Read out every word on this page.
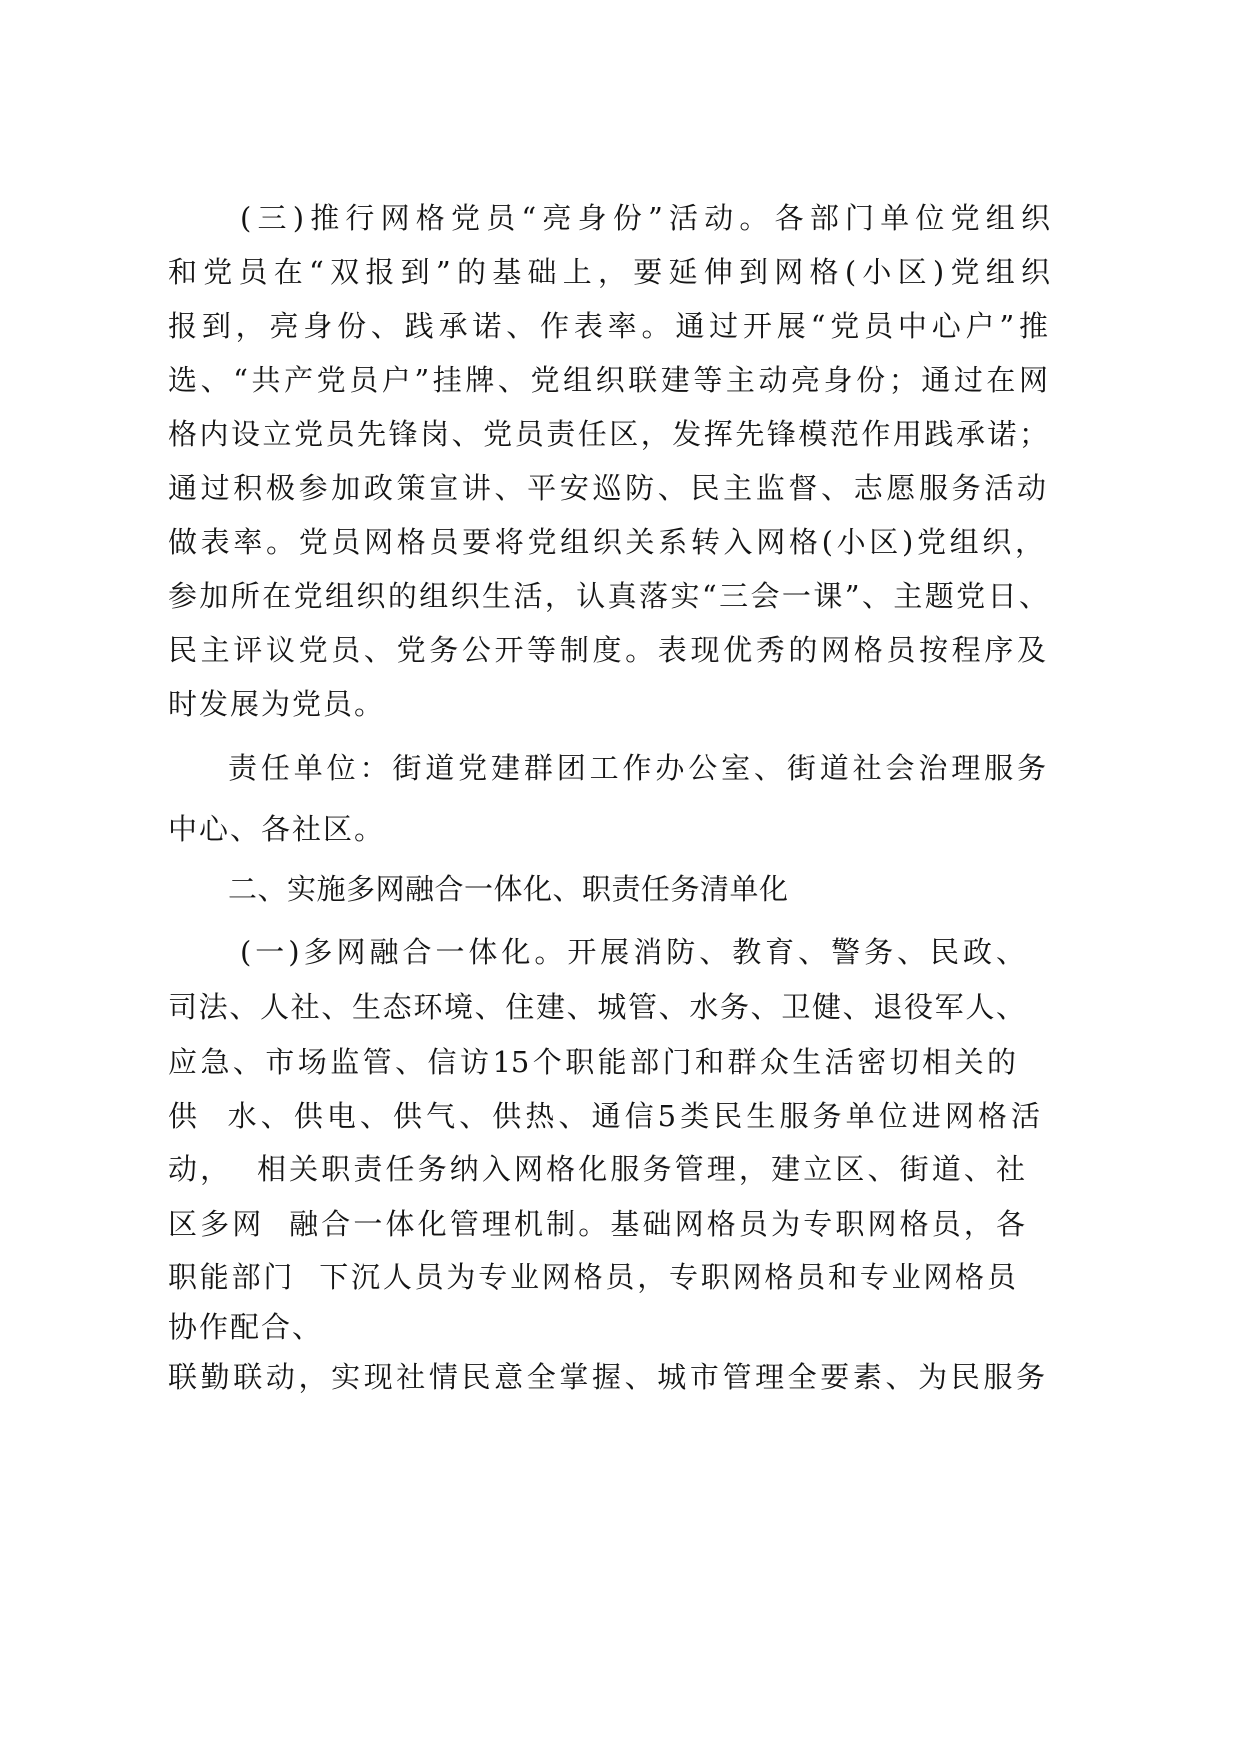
(三)推行网格党员“亮身份”活动。各部门单位党组织
和党员在“双报到”的基础上，要延伸到网格(小区)党组织
报到，亮身份、践承诺、作表率。通过开展“党员中心户”推
选、“共产党员户”挂牌、党组织联建等主动亮身份；通过在网
格内设立党员先锋岗、党员责任区，发挥先锋模范作用践承诺；
通过积极参加政策宣讲、平安巡防、民主监督、志愿服务活动
做表率。党员网格员要将党组织关系转入网格(小区)党组织，
参加所在党组织的组织生活，认真落实“三会一课”、主题党日、
民主评议党员、党务公开等制度。表现优秀的网格员按程序及
时发展为党员。
责任单位：街道党建群团工作办公室、街道社会治理服务
中心、各社区。
二、实施多网融合一体化、职责任务清单化
(一)多网融合一体化。开展消防、教育、警务、民政、
司法、人社、生态环境、住建、城管、水务、卫健、退役军人、
应急、市场监管、信访15个职能部门和群众生活密切相关的
供  水、供电、供气、供热、通信5类民生服务单位进网格活
动，  相关职责任务纳入网格化服务管理，建立区、街道、社
区多网  融合一体化管理机制。基础网格员为专职网格员，各
职能部门  下沉人员为专业网格员，专职网格员和专业网格员
协作配合、
联勤联动，实现社情民意全掌握、城市管理全要素、为民服务
